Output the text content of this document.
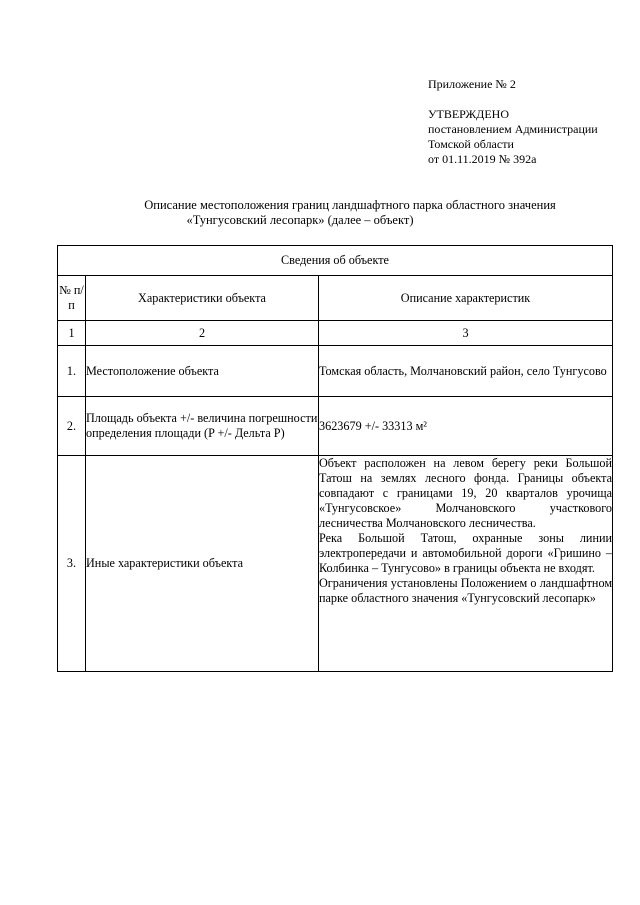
Приложение № 2
УТВЕРЖДЕНО
постановлением Администрации
Томской области
от 01.11.2019 № 392а
Описание местоположения границ ландшафтного парка областного значения

«Тунгусовский лесопарк» (далее – объект)
Сведения об объекте		
№ п/п	Характеристики объекта	Описание характеристик
1	2	3
1.	Местоположение объекта	Томская область, Молчановский район, село Тунгусово
2.	Площадь объекта +/- величина погрешности определения площади (P +/- Дельта P)	3623679 +/- 33313 м²
3.	Иные характеристики объекта	Объект расположен на левом берегу реки Большой Татош на землях лесного фонда. Границы объекта совпадают с границами 19, 20 кварталов урочища «Тунгусовское» Молчановского участкового лесничества Молчановского лесничества.

Река Большой Татош, охранные зоны линии электропередачи и автомобильной дороги «Гришино – Колбинка – Тунгусово» в границы объекта не входят.

Ограничения установлены Положением о ландшафтном парке областного значения «Тунгусовский лесопарк»
